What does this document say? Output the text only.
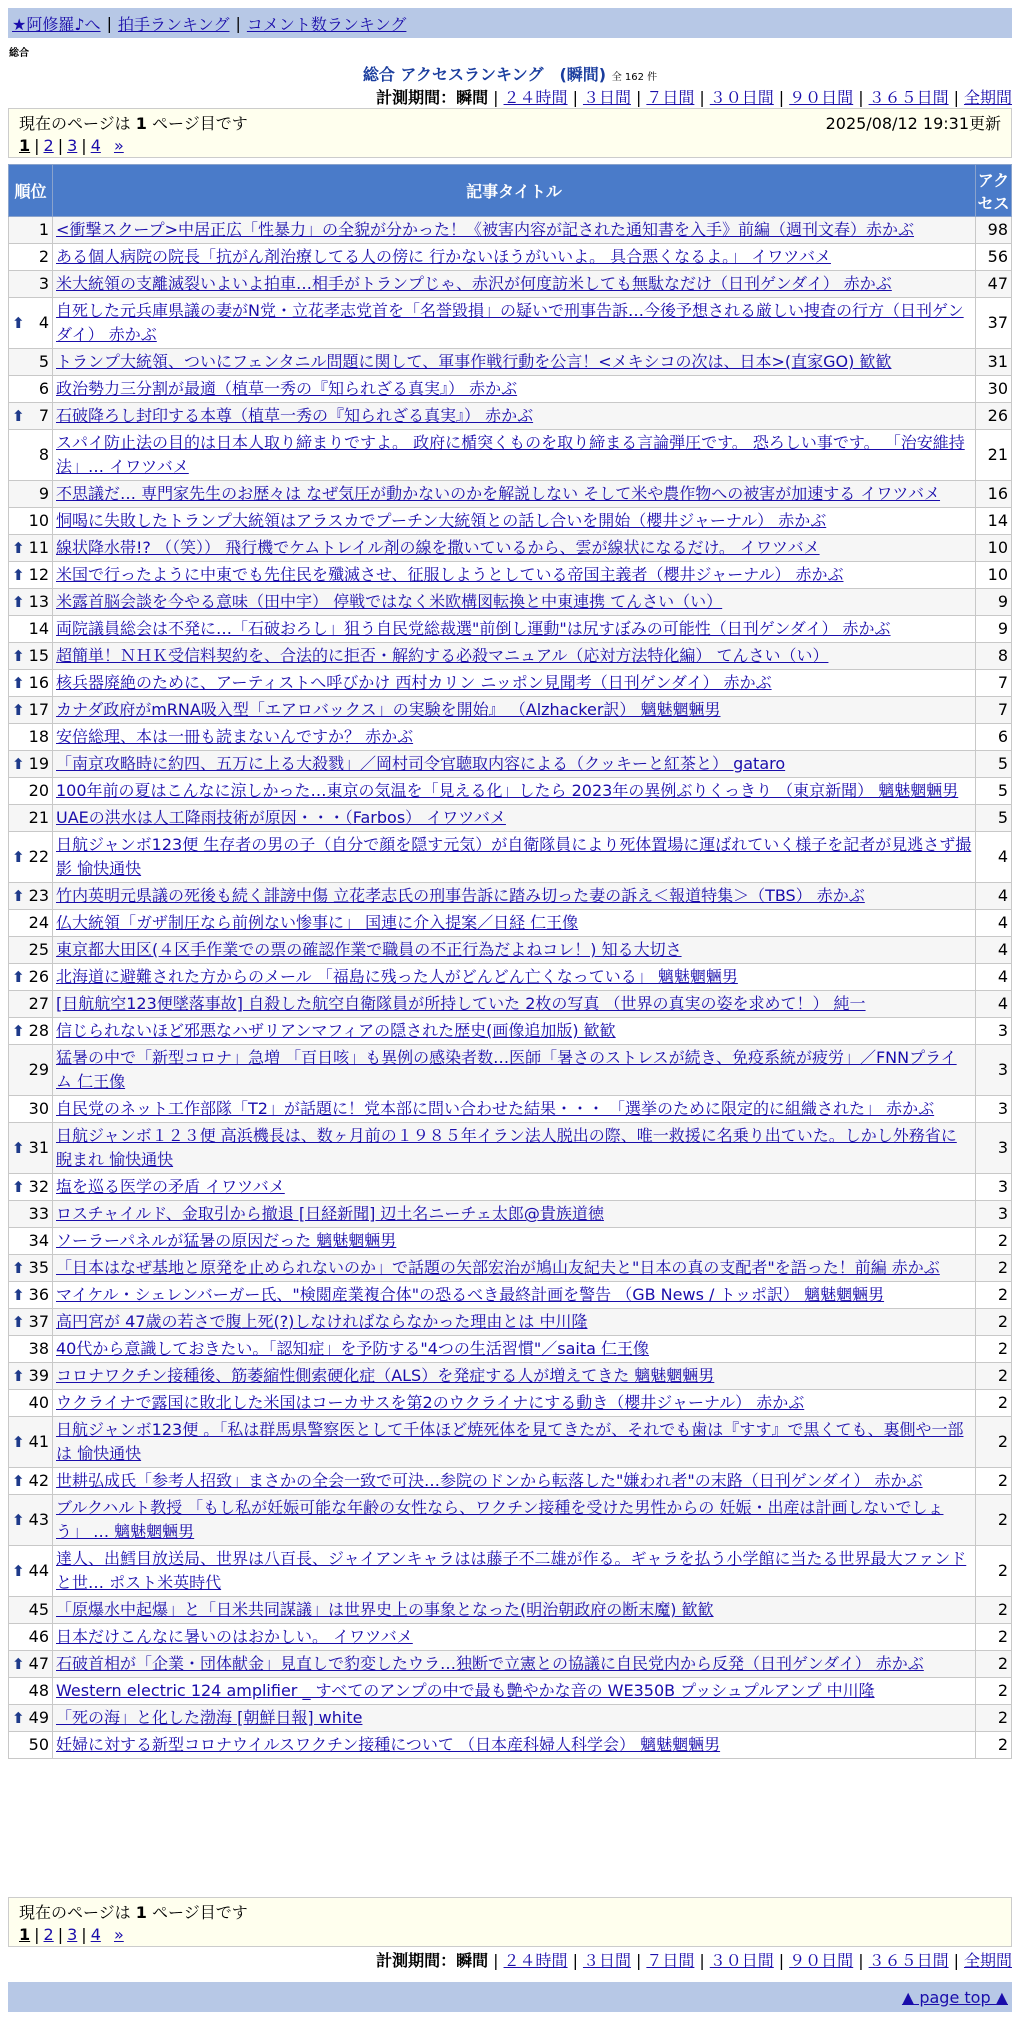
★阿修羅♪へ | 拍手ランキング | コメント数ランキング
総合
総合 アクセスランキング　(瞬間) 全 162 件
計測期間：瞬間 | ２４時間 | ３日間 | ７日間 | ３０日間 | ９０日間 | ３６５日間 | 全期間
現在のページは 1 ページ目です	2025/08/12 19:31更新
1 | 2 | 3 | 4 »
順位	記事タイトル	アクセス
1	<衝撃スクープ>中居正広「性暴力」の全貌が分かった！《被害内容が記された通知書を入手》前編（週刊文春）赤かぶ	98
2	ある個人病院の院長「抗がん剤治療してる人の傍に 行かないほうがいいよ。 具合悪くなるよ。」 イワツバメ	56
3	米大統領の支離滅裂いよいよ拍車…相手がトランプじゃ、赤沢が何度訪米しても無駄なだけ（日刊ゲンダイ） 赤かぶ	47

⬆ 4	自死した元兵庫県議の妻がN党・立花孝志党首を「名誉毀損」の疑いで刑事告訴…今後予想される厳しい捜査の行方（日刊ゲンダイ） 赤かぶ	37
5	トランプ大統領、ついにフェンタニル問題に関して、軍事作戦行動を公言！<メキシコの次は、日本>(直家GO) 歓歓	31
6	政治勢力三分割が最適（植草一秀の『知られざる真実』） 赤かぶ	30

⬆ 7	石破降ろし封印する本尊（植草一秀の『知られざる真実』） 赤かぶ	26
8	スパイ防止法の目的は日本人取り締まりですよ。 政府に楯突くものを取り締まる言論弾圧です。 恐ろしい事です。 「治安維持法」… イワツバメ	21
9	不思議だ… 専門家先生のお歴々は なぜ気圧が動かないのかを解説しない そして米や農作物への被害が加速する イワツバメ	16
10	恫喝に失敗したトランプ大統領はアラスカでプーチン大統領との話し合いを開始（櫻井ジャーナル） 赤かぶ	14

⬆ 11	線状降水帯!? （（笑）） 飛行機でケムトレイル剤の線を撒いているから、雲が線状になるだけ。 イワツバメ	10

⬆ 12	米国で行ったように中東でも先住民を殲滅させ、征服しようとしている帝国主義者（櫻井ジャーナル） 赤かぶ	10

⬆ 13	米露首脳会談を今やる意味（田中宇） 停戦ではなく米欧構図転換と中東連携 てんさい（い）	9
14	両院議員総会は不発に…「石破おろし」狙う自民党総裁選"前倒し運動"は尻すぼみの可能性（日刊ゲンダイ） 赤かぶ	9

⬆ 15	超簡単！ＮＨＫ受信料契約を、合法的に拒否・解約する必殺マニュアル（応対方法特化編） てんさい（い）	8

⬆ 16	核兵器廃絶のために、アーティストへ呼びかけ 西村カリン ニッポン見聞考（日刊ゲンダイ） 赤かぶ	7

⬆ 17	カナダ政府がmRNA吸入型「エアロバックス」の実験を開始』 （Alzhacker訳） 魑魅魍魎男	7
18	安倍総理、本は一冊も読まないんですか？ 赤かぶ	6

⬆ 19	「南京攻略時に約四、五万に上る大殺戮」／岡村司令官聴取内容による（クッキーと紅茶と） gataro	5
20	100年前の夏はこんなに涼しかった…東京の気温を「見える化」したら 2023年の異例ぶりくっきり （東京新聞） 魑魅魍魎男	5
21	UAEの洪水は人工降雨技術が原因・・・（Farbos） イワツバメ	5

⬆ 22	日航ジャンボ123便 生存者の男の子（自分で顔を隠す元気）が自衛隊員により死体置場に運ばれていく様子を記者が見逃さず撮影 愉快通快	4

⬆ 23	竹内英明元県議の死後も続く誹謗中傷 立花孝志氏の刑事告訴に踏み切った妻の訴え＜報道特集＞（TBS） 赤かぶ	4
24	仏大統領「ガザ制圧なら前例ない惨事に」 国連に介入提案／日経 仁王像	4
25	東京都大田区(４区手作業での票の確認作業で職員の不正行為だよねコレ！) 知る大切さ	4

⬆ 26	北海道に避難された方からのメール 「福島に残った人がどんどん亡くなっている」 魑魅魍魎男	4
27	[日航航空123便墜落事故] 自殺した航空自衛隊員が所持していた 2枚の写真 （世界の真実の姿を求めて！） 純一	4

⬆ 28	信じられないほど邪悪なハザリアンマフィアの隠された歴史(画像追加版) 歓歓	3
29	猛暑の中で「新型コロナ」急増 「百日咳」も異例の感染者数…医師「暑さのストレスが続き、免疫系統が疲労」／FNNプライム 仁王像	3
30	自民党のネット工作部隊「T2」が話題に！党本部に問い合わせた結果・・・ 「選挙のために限定的に組織された」 赤かぶ	3

⬆ 31	日航ジャンボ１２３便 高浜機長は、数ヶ月前の１９８５年イラン法人脱出の際、唯一救援に名乗り出ていた。しかし外務省に睨まれ 愉快通快	3

⬆ 32	塩を巡る医学の矛盾 イワツバメ	3
33	ロスチャイルド、金取引から撤退 [日経新聞] 辺土名ニーチェ太郎@貴族道徳	3
34	ソーラーパネルが猛暑の原因だった 魑魅魍魎男	2

⬆ 35	「日本はなぜ基地と原発を止められないのか」で話題の矢部宏治が鳩山友紀夫と"日本の真の支配者"を語った！前編 赤かぶ	2

⬆ 36	マイケル・シェレンバーガー氏、"検閲産業複合体"の恐るべき最終計画を警告 （GB News / トッポ訳） 魑魅魍魎男	2

⬆ 37	高円宮が 47歳の若さで腹上死(?)しなければならなかった理由とは 中川隆	2
38	40代から意識しておきたい。「認知症」を予防する"4つの生活習慣"／saita 仁王像	2

⬆ 39	コロナワクチン接種後、筋萎縮性側索硬化症（ALS）を発症する人が増えてきた 魑魅魍魎男	2
40	ウクライナで露国に敗北した米国はコーカサスを第2のウクライナにする動き（櫻井ジャーナル） 赤かぶ	2

⬆ 41	日航ジャンボ123便 。「私は群馬県警察医として千体ほど焼死体を見てきたが、それでも歯は『すす』で黒くても、裏側や一部は 愉快通快	2

⬆ 42	世耕弘成氏「参考人招致」まさかの全会一致で可決…参院のドンから転落した"嫌われ者"の末路（日刊ゲンダイ） 赤かぶ	2

⬆ 43	ブルクハルト教授 「もし私が妊娠可能な年齢の女性なら、ワクチン接種を受けた男性からの 妊娠・出産は計画しないでしょう」 … 魑魅魍魎男	2

⬆ 44	達人、出鱈目放送局、世界は八百長、ジャイアンキャラはは藤子不二雄が作る。ギャラを払う小学館に当たる世界最大ファンドと世… ポスト米英時代	2
45	「原爆水中起爆」と「日米共同謀議」は世界史上の事象となった(明治朝政府の断末魔) 歓歓	2
46	日本だけこんなに暑いのはおかしい。 イワツバメ	2

⬆ 47	石破首相が「企業・団体献金」見直しで豹変したウラ…独断で立憲との協議に自民党内から反発（日刊ゲンダイ） 赤かぶ	2
48	Western electric 124 amplifier _ すべてのアンプの中で最も艶やかな音の WE350B プッシュプルアンプ 中川隆	2

⬆ 49	「死の海」と化した渤海 [朝鮮日報] white	2
50	妊婦に対する新型コロナウイルスワクチン接種について （日本産科婦人科学会） 魑魅魍魎男	2
現在のページは 1 ページ目です
1 | 2 | 3 | 4 »
計測期間：瞬間 | ２４時間 | ３日間 | ７日間 | ３０日間 | ９０日間 | ３６５日間 | 全期間
▲ page top ▲
